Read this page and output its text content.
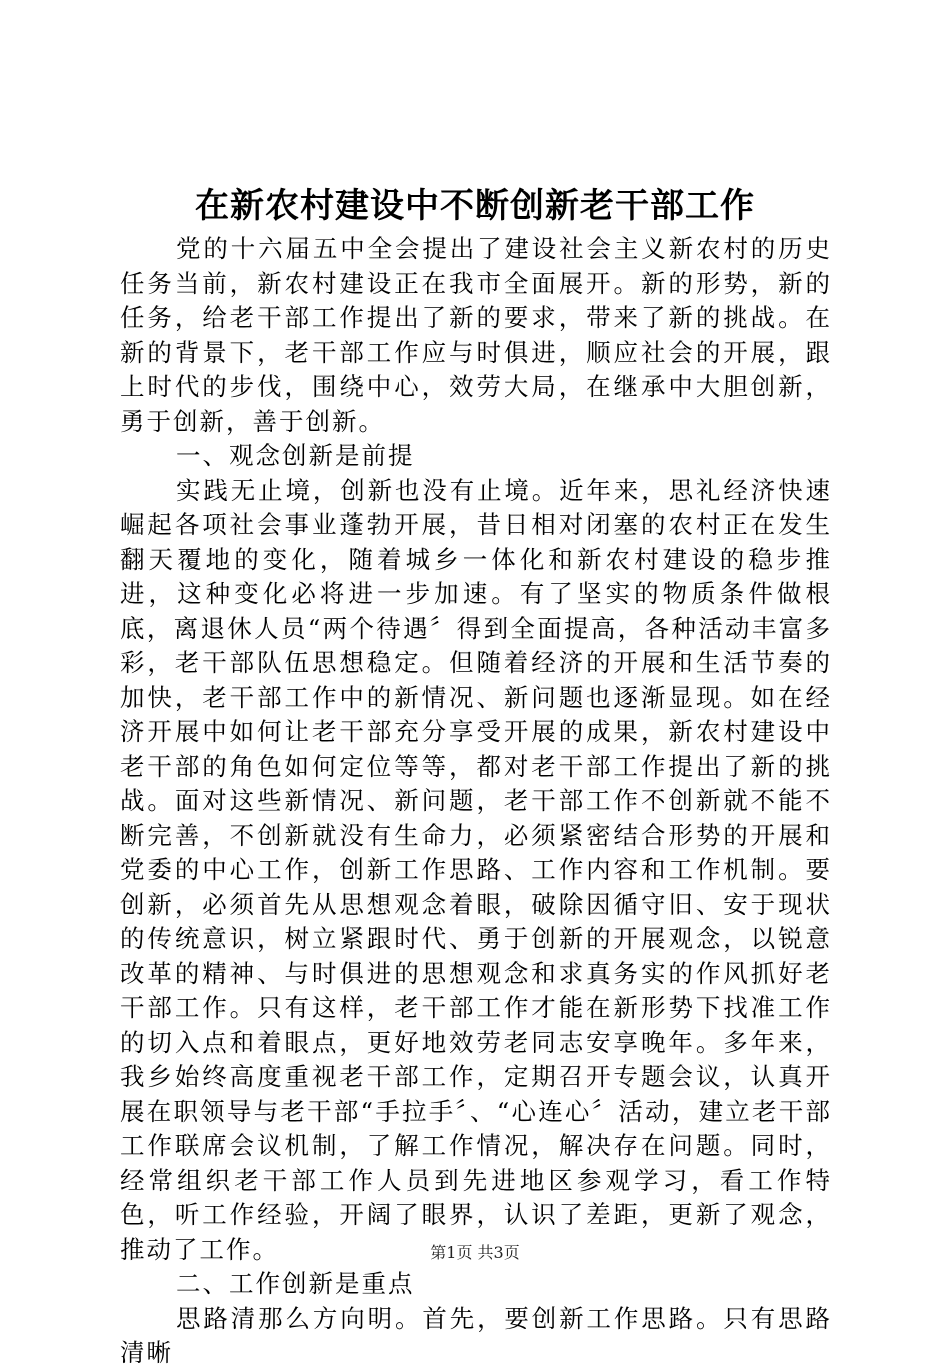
在新农村建设中不断创新老干部工作

党的十六届五中全会提出了建设社会主义新农村的历史任务当前，新农村建设正在我市全面展开。新的形势，新的任务，给老干部工作提出了新的要求，带来了新的挑战。在新的背景下，老干部工作应与时俱进，顺应社会的开展，跟上时代的步伐，围绕中心，效劳大局，在继承中大胆创新，勇于创新，善于创新。

一、观念创新是前提

实践无止境，创新也没有止境。近年来，思礼经济快速崛起各项社会事业蓬勃开展，昔日相对闭塞的农村正在发生翻天覆地的变化，随着城乡一体化和新农村建设的稳步推进，这种变化必将进一步加速。有了坚实的物质条件做根底，离退休人员“两个待遇〞得到全面提高，各种活动丰富多彩，老干部队伍思想稳定。但随着经济的开展和生活节奏的加快，老干部工作中的新情况、新问题也逐渐显现。如在经济开展中如何让老干部充分享受开展的成果，新农村建设中老干部的角色如何定位等等，都对老干部工作提出了新的挑战。面对这些新情况、新问题，老干部工作不创新就不能不断完善，不创新就没有生命力，必须紧密结合形势的开展和党委的中心工作，创新工作思路、工作内容和工作机制。要创新，必须首先从思想观念着眼，破除因循守旧、安于现状的传统意识，树立紧跟时代、勇于创新的开展观念，以锐意改革的精神、与时俱进的思想观念和求真务实的作风抓好老干部工作。只有这样，老干部工作才能在新形势下找准工作的切入点和着眼点，更好地效劳老同志安享晚年。多年来，我乡始终高度重视老干部工作，定期召开专题会议，认真开展在职领导与老干部“手拉手〞、“心连心〞活动，建立老干部工作联席会议机制，了解工作情况，解决存在问题。同时，经常组织老干部工作人员到先进地区参观学习，看工作特色，听工作经验，开阔了眼界，认识了差距，更新了观念，推动了工作。

二、工作创新是重点

思路清那么方向明。首先，要创新工作思路。只有思路清晰

第1页 共3页
